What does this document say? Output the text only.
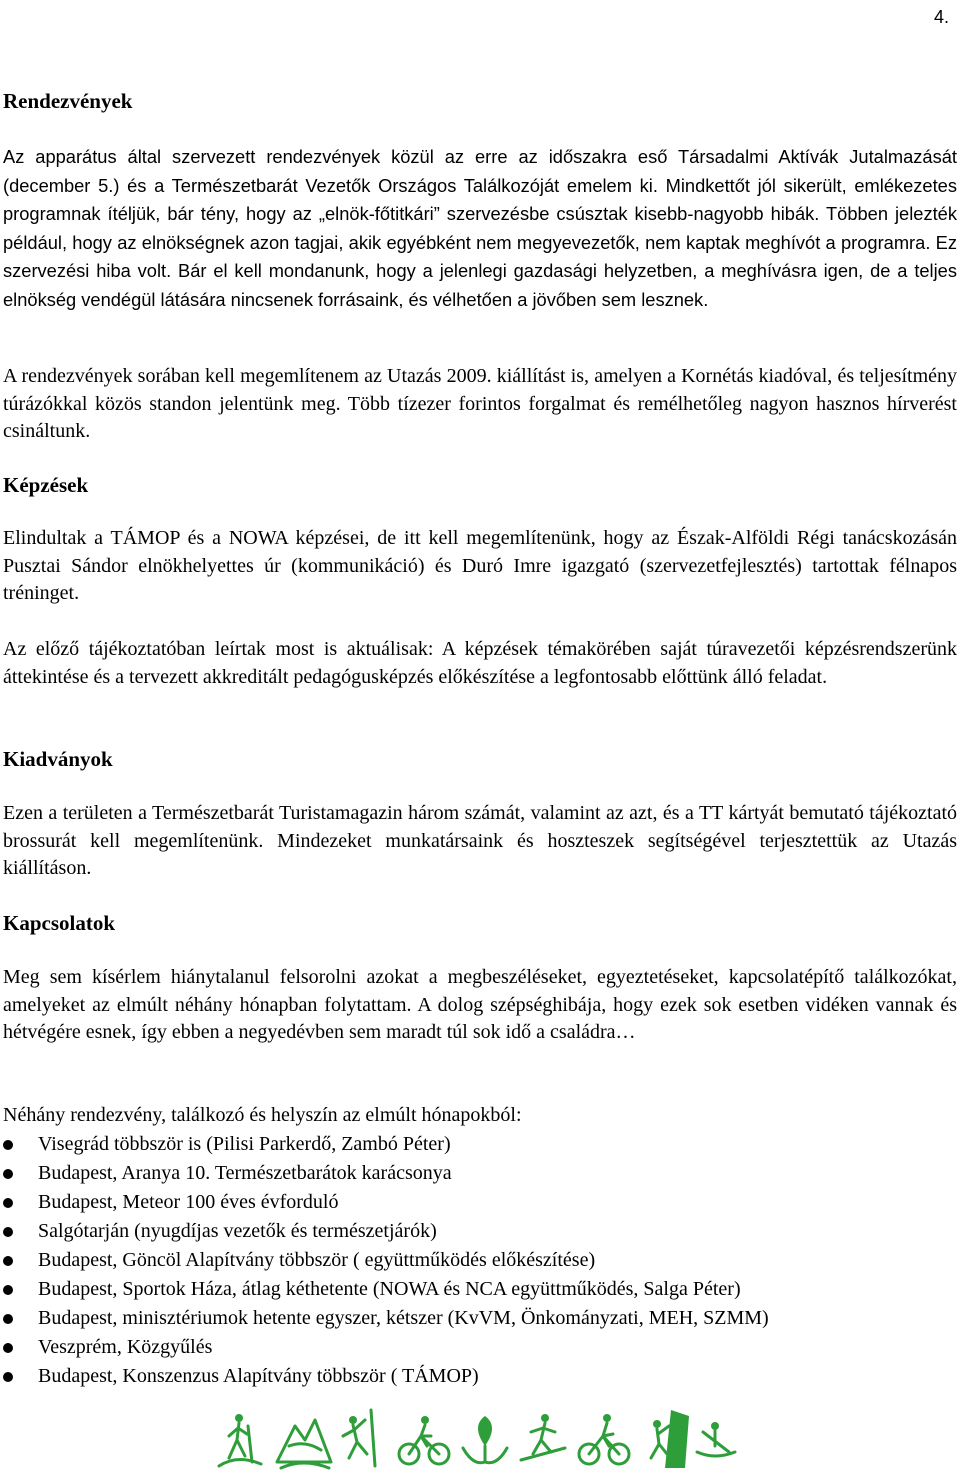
4.
Rendezvények

Az apparátus által szervezett rendezvények közül az erre az időszakra eső Társadalmi Aktívák Jutalmazását (december 5.) és a Természetbarát Vezetők Országos Találkozóját emelem ki. Mindkettőt jól sikerült, emlékezetes programnak ítéljük, bár tény, hogy az „elnök-főtitkári” szervezésbe csúsztak kisebb-nagyobb hibák. Többen jelezték például, hogy az elnökségnek azon tagjai, akik egyébként nem megyevezetők, nem kaptak meghívót a programra. Ez szervezési hiba volt. Bár el kell mondanunk, hogy a jelenlegi gazdasági helyzetben, a meghívásra igen, de a teljes elnökség vendégül látására nincsenek forrásaink, és vélhetően a jövőben sem lesznek.

A rendezvények sorában kell megemlítenem az Utazás 2009. kiállítást is, amelyen a Kornétás kiadóval, és teljesítmény túrázókkal közös standon jelentünk meg. Több tízezer forintos forgalmat és remélhetőleg nagyon hasznos hírverést csináltunk.

Képzések

Elindultak a TÁMOP és a NOWA képzései, de itt kell megemlítenünk, hogy az Észak-Alföldi Régi tanácskozásán Pusztai Sándor elnökhelyettes úr (kommunikáció) és Duró Imre igazgató (szervezetfejlesztés) tartottak félnapos tréninget.

Az előző tájékoztatóban leírtak most is aktuálisak: A képzések témakörében saját túravezetői képzésrendszerünk áttekintése és a tervezett akkreditált pedagógusképzés előkészítése a legfontosabb előttünk álló feladat.

Kiadványok

Ezen a területen a Természetbarát Turistamagazin három számát, valamint az azt, és a TT kártyát bemutató tájékoztató brossurát kell megemlítenünk. Mindezeket munkatársaink és hoszteszek segítségével terjesztettük az Utazás kiállításon.

Kapcsolatok

Meg sem kísérlem hiánytalanul felsorolni azokat a megbeszéléseket, egyeztetéseket, kapcsolatépítő találkozókat, amelyeket az elmúlt néhány hónapban folytattam. A dolog szépséghibája, hogy ezek sok esetben vidéken vannak és hétvégére esnek, így ebben a negyedévben sem maradt túl sok idő a családra…

Néhány rendezvény, találkozó és helyszín az elmúlt hónapokból:

Visegrád többször is (Pilisi Parkerdő, Zambó Péter)
Budapest, Aranya 10. Természetbarátok karácsonya
Budapest, Meteor 100 éves évforduló
Salgótarján (nyugdíjas vezetők és természetjárók)
Budapest, Göncöl Alapítvány többször ( együttműködés előkészítése)
Budapest, Sportok Háza, átlag kéthetente (NOWA és NCA együttműködés, Salga Péter)
Budapest, minisztériumok hetente egyszer, kétszer (KvVM, Önkományzati, MEH, SZMM)
Veszprém, Közgyűlés
Budapest, Konszenzus Alapítvány többször ( TÁMOP)
